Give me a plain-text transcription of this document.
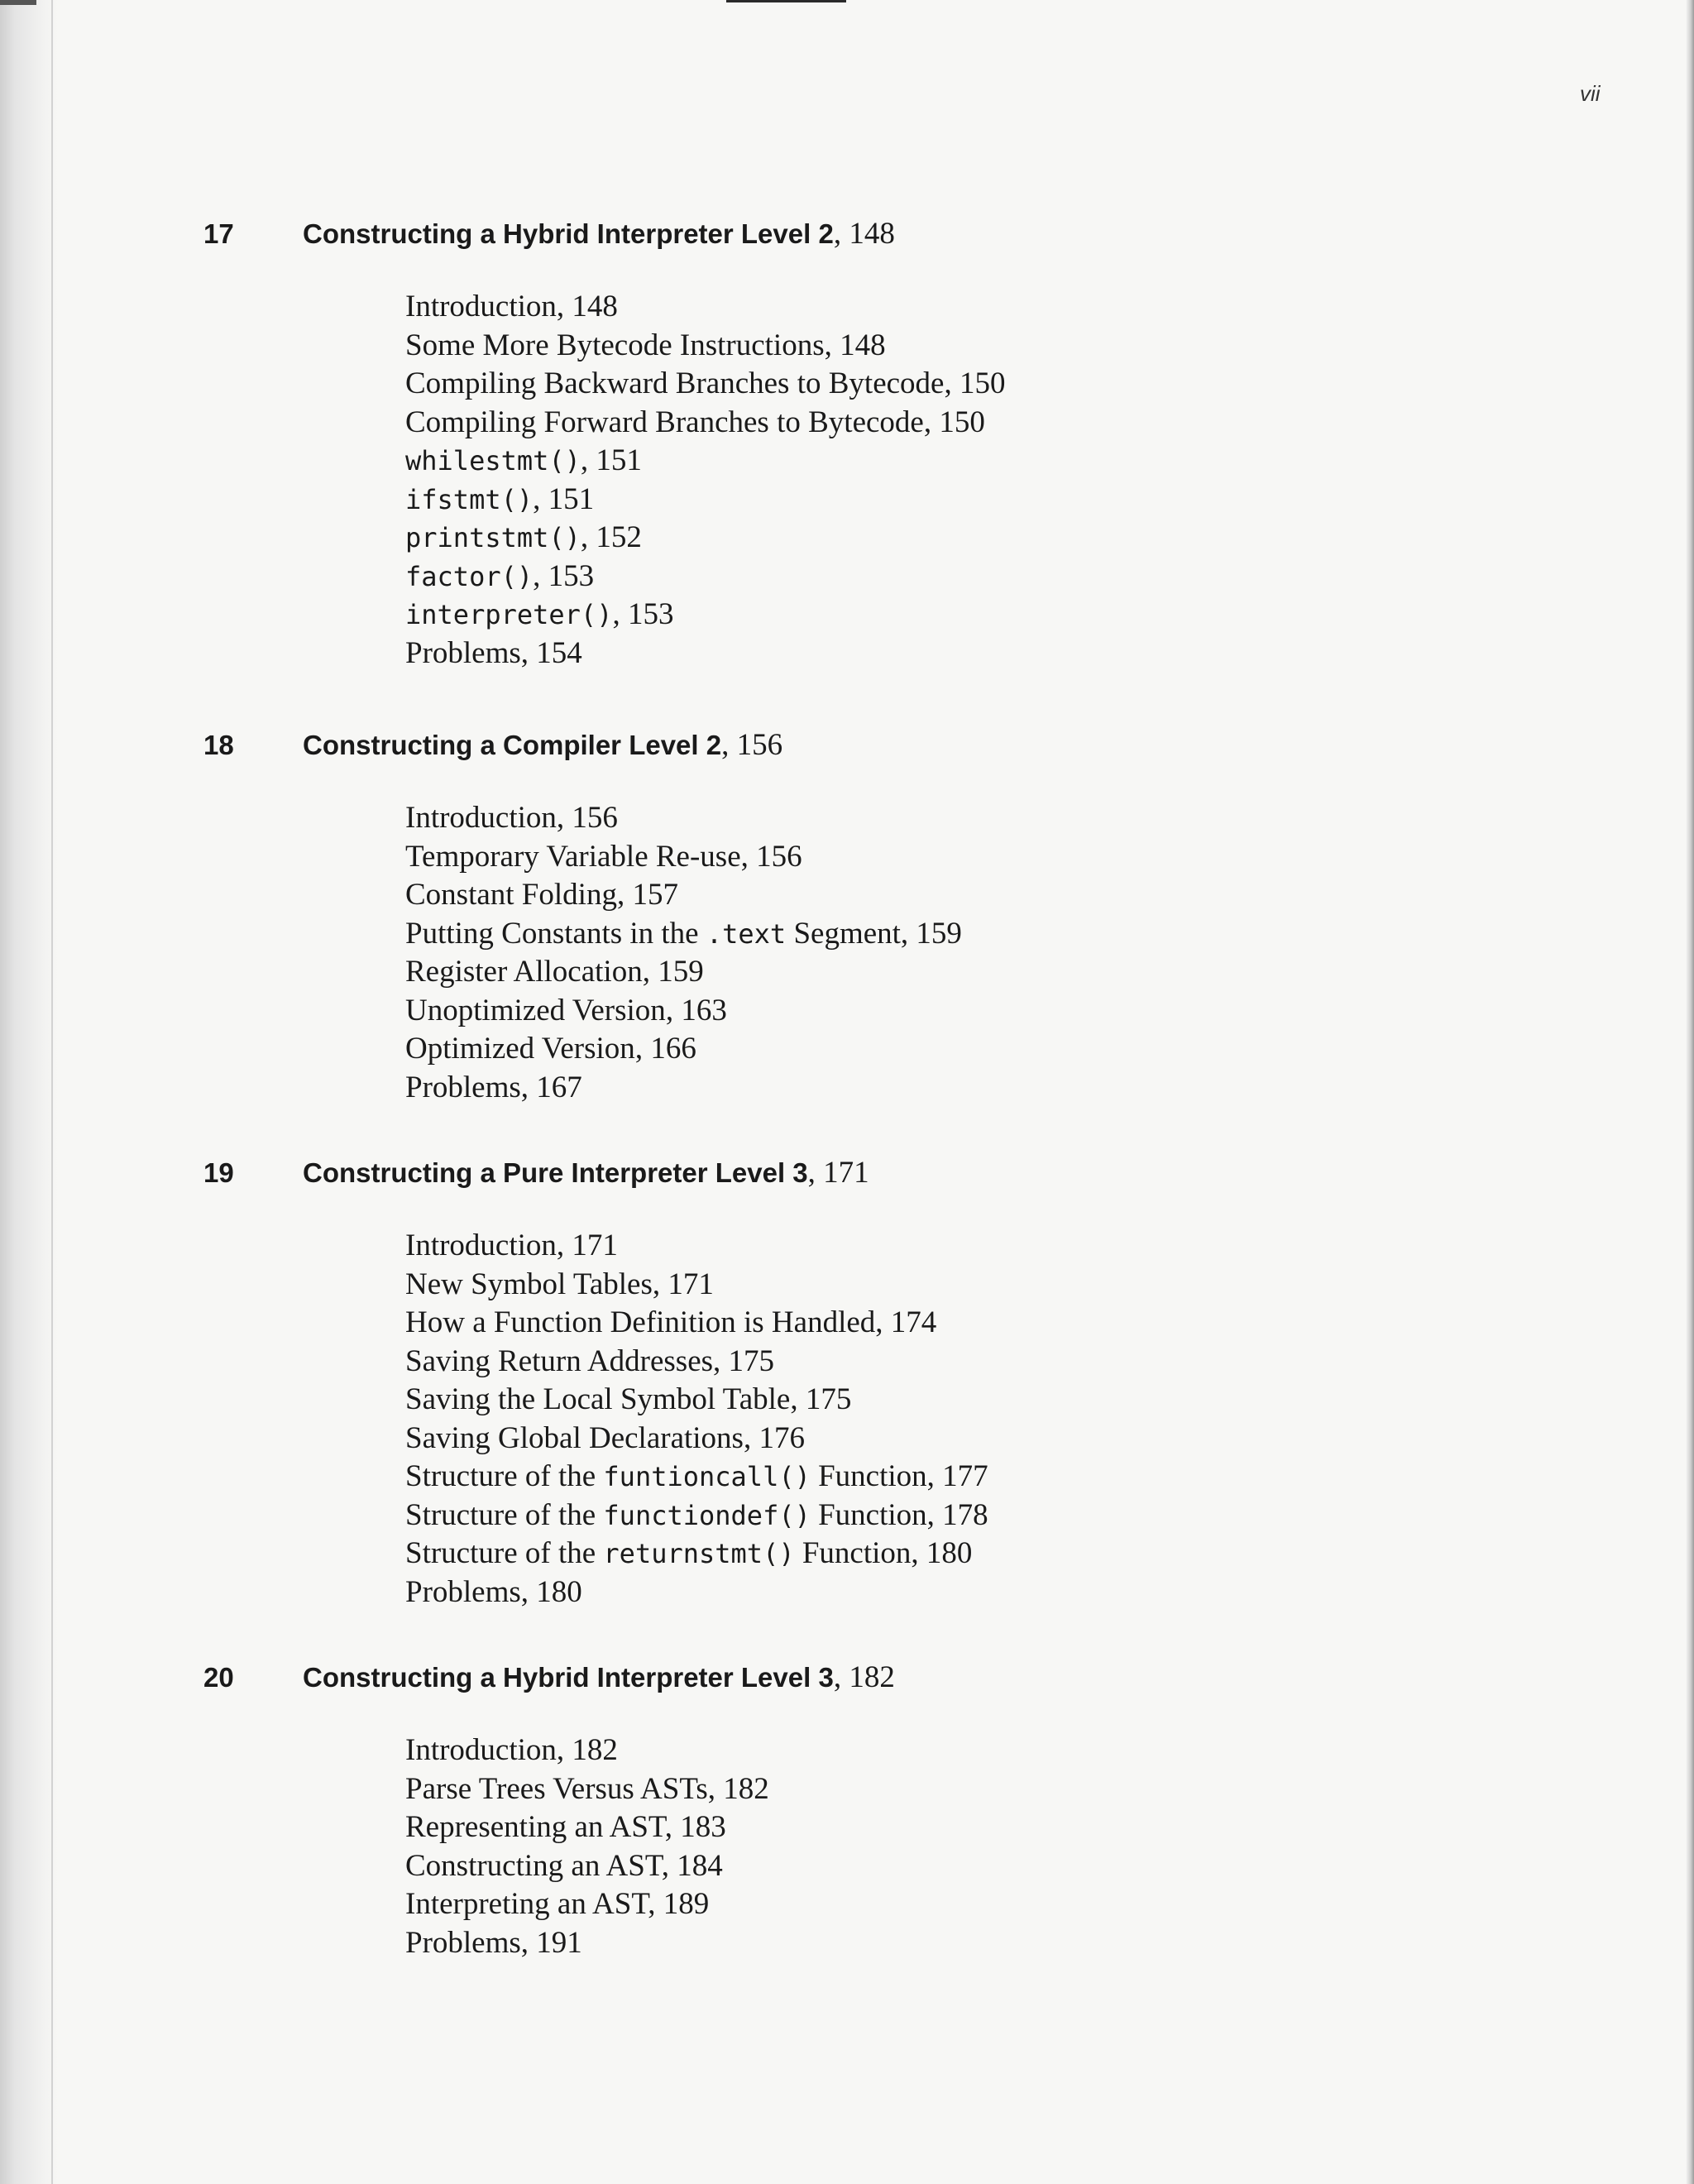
vii
17	Constructing a Hybrid Interpreter Level 2, 148
Introduction, 148
Some More Bytecode Instructions, 148
Compiling Backward Branches to Bytecode, 150
Compiling Forward Branches to Bytecode, 150
whilestmt(), 151
ifstmt(), 151
printstmt(), 152
factor(), 153
interpreter(), 153
Problems, 154
18	Constructing a Compiler Level 2, 156
Introduction, 156
Temporary Variable Re-use, 156
Constant Folding, 157
Putting Constants in the .text Segment, 159
Register Allocation, 159
Unoptimized Version, 163
Optimized Version, 166
Problems, 167
19	Constructing a Pure Interpreter Level 3, 171
Introduction, 171
New Symbol Tables, 171
How a Function Definition is Handled, 174
Saving Return Addresses, 175
Saving the Local Symbol Table, 175
Saving Global Declarations, 176
Structure of the funtioncall() Function, 177
Structure of the functiondef() Function, 178
Structure of the returnstmt() Function, 180
Problems, 180
20	Constructing a Hybrid Interpreter Level 3, 182
Introduction, 182
Parse Trees Versus ASTs, 182
Representing an AST, 183
Constructing an AST, 184
Interpreting an AST, 189
Problems, 191
